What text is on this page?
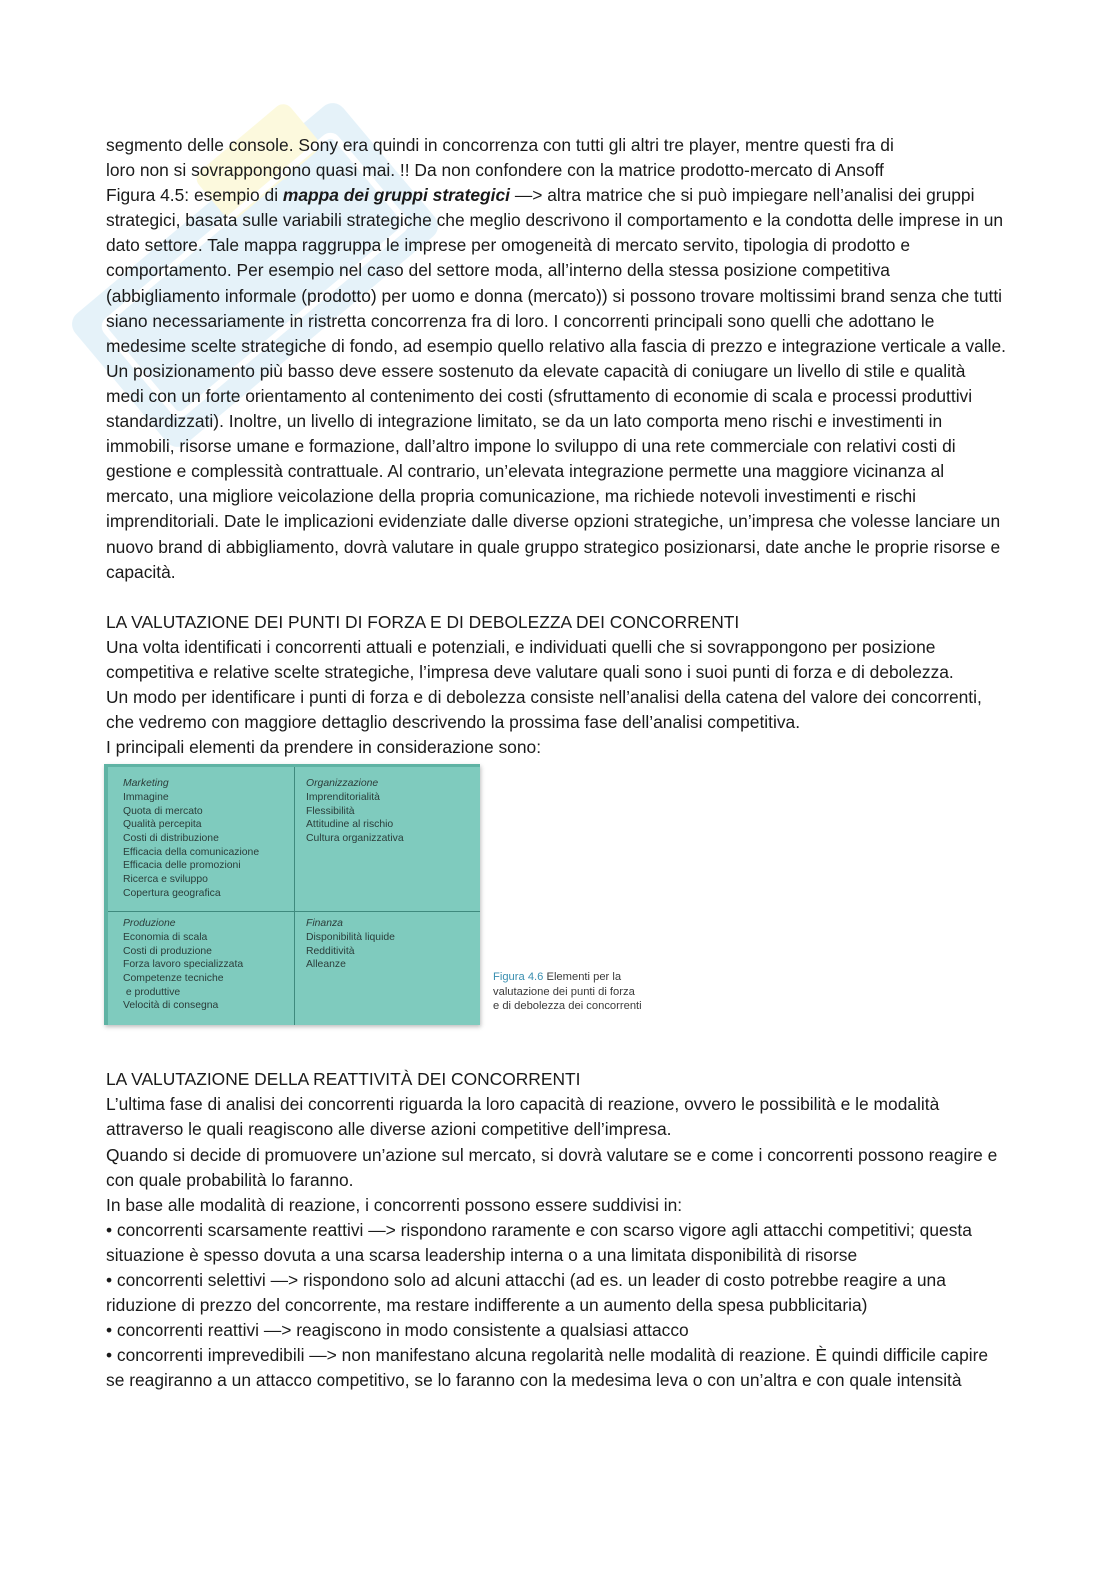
segmento delle console. Sony era quindi in concorrenza con tutti gli altri tre player, mentre questi fra di

loro non si sovrappongono quasi mai. !! Da non confondere con la matrice prodotto-mercato di Ansoff

Figura 4.5: esempio di mappa dei gruppi strategici —> altra matrice che si può impiegare nell’analisi dei gruppi strategici, basata sulle variabili strategiche che meglio descrivono il comportamento e la condotta delle imprese in un dato settore. Tale mappa raggruppa le imprese per omogeneità di mercato servito, tipologia di prodotto e comportamento. Per esempio nel caso del settore moda, all’interno della stessa posizione competitiva (abbigliamento informale (prodotto) per uomo e donna (mercato)) si possono trovare moltissimi brand senza che tutti siano necessariamente in ristretta concorrenza fra di loro. I concorrenti principali sono quelli che adottano le medesime scelte strategiche di fondo, ad esempio quello relativo alla fascia di prezzo e integrazione verticale a valle.

Un posizionamento più basso deve essere sostenuto da elevate capacità di coniugare un livello di stile e qualità medi con un forte orientamento al contenimento dei costi (sfruttamento di economie di scala e processi produttivi standardizzati). Inoltre, un livello di integrazione limitato, se da un lato comporta meno rischi e investimenti in immobili, risorse umane e formazione, dall’altro impone lo sviluppo di una rete commerciale con relativi costi di gestione e complessità contrattuale. Al contrario, un’elevata integrazione permette una maggiore vicinanza al mercato, una migliore veicolazione della propria comunicazione, ma richiede notevoli investimenti e rischi imprenditoriali. Date le implicazioni evidenziate dalle diverse opzioni strategiche, un’impresa che volesse lanciare un nuovo brand di abbigliamento, dovrà valutare in quale gruppo strategico posizionarsi, date anche le proprie risorse e capacità.

LA VALUTAZIONE DEI PUNTI DI FORZA E DI DEBOLEZZA DEI CONCORRENTI

Una volta identificati i concorrenti attuali e potenziali, e individuati quelli che si sovrappongono per posizione competitiva e relative scelte strategiche, l’impresa deve valutare quali sono i suoi punti di forza e di debolezza.

Un modo per identificare i punti di forza e di debolezza consiste nell’analisi della catena del valore dei concorrenti, che vedremo con maggiore dettaglio descrivendo la prossima fase dell’analisi competitiva.

I principali elementi da prendere in considerazione sono:

Marketing
Immagine
Quota di mercato
Qualità percepita
Costi di distribuzione
Efficacia della comunicazione
Efficacia delle promozioni
Ricerca e sviluppo
Copertura geografica
Organizzazione
Imprenditorialità
Flessibilità
Attitudine al rischio
Cultura organizzativa
Produzione
Economia di scala
Costi di produzione
Forza lavoro specializzata
Competenze tecniche
e produttive
Velocità di consegna
Finanza
Disponibilità liquide
Redditività
Alleanze
Figura 4.6 Elementi per la
valutazione dei punti di forza
e di debolezza dei concorrenti

LA VALUTAZIONE DELLA REATTIVITÀ DEI CONCORRENTI

L’ultima fase di analisi dei concorrenti riguarda la loro capacità di reazione, ovvero le possibilità e le modalità attraverso le quali reagiscono alle diverse azioni competitive dell’impresa.

Quando si decide di promuovere un’azione sul mercato, si dovrà valutare se e come i concorrenti possono reagire e con quale probabilità lo faranno.

In base alle modalità di reazione, i concorrenti possono essere suddivisi in:

• concorrenti scarsamente reattivi —> rispondono raramente e con scarso vigore agli attacchi competitivi; questa situazione è spesso dovuta a una scarsa leadership interna o a una limitata disponibilità di risorse

• concorrenti selettivi —> rispondono solo ad alcuni attacchi (ad es. un leader di costo potrebbe reagire a una riduzione di prezzo del concorrente, ma restare indifferente a un aumento della spesa pubblicitaria)

• concorrenti reattivi —> reagiscono in modo consistente a qualsiasi attacco

• concorrenti imprevedibili —> non manifestano alcuna regolarità nelle modalità di reazione. È quindi difficile capire se reagiranno a un attacco competitivo, se lo faranno con la medesima leva o con un’altra e con quale intensità
